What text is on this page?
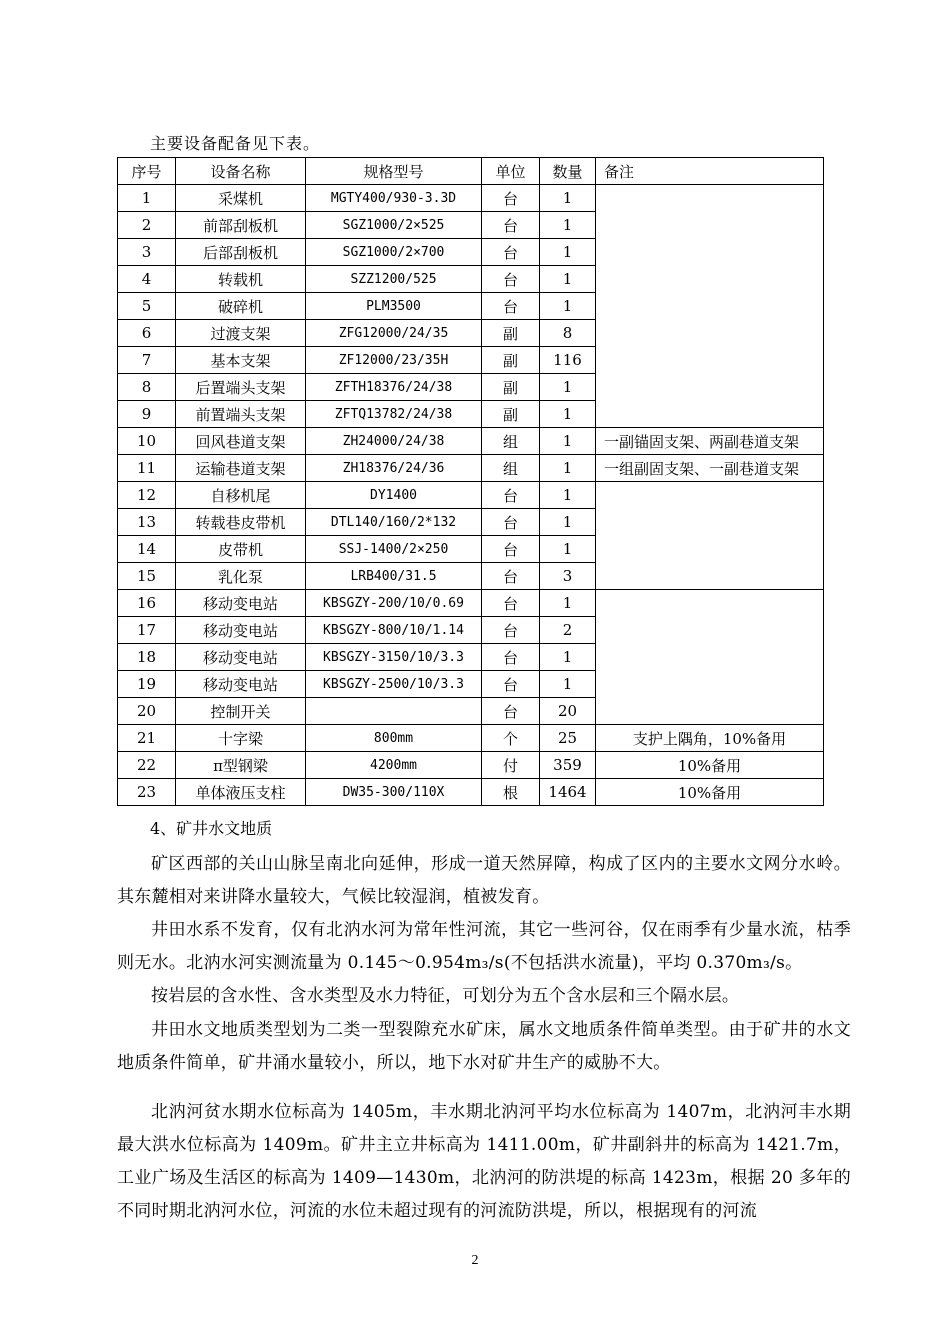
主要设备配备见下表。
序号	设备名称	规格型号	单位	数量	备注
1	采煤机	MGTY400/930-3.3D	台	1	
2	前部刮板机	SGZ1000/2×525	台	1	
3	后部刮板机	SGZ1000/2×700	台	1	
4	转载机	SZZ1200/525	台	1	
5	破碎机	PLM3500	台	1	
6	过渡支架	ZFG12000/24/35	副	8	
7	基本支架	ZF12000/23/35H	副	116	
8	后置端头支架	ZFTH18376/24/38	副	1	
9	前置端头支架	ZFTQ13782/24/38	副	1	
10	回风巷道支架	ZH24000/24/38	组	1	一副锚固支架、两副巷道支架
11	运输巷道支架	ZH18376/24/36	组	1	一组副固支架、一副巷道支架
12	自移机尾	DY1400	台	1	
13	转载巷皮带机	DTL140/160/2*132	台	1	
14	皮带机	SSJ-1400/2×250	台	1	
15	乳化泵	LRB400/31.5	台	3	
16	移动变电站	KBSGZY-200/10/0.69	台	1	
17	移动变电站	KBSGZY-800/10/1.14	台	2	
18	移动变电站	KBSGZY-3150/10/3.3	台	1	
19	移动变电站	KBSGZY-2500/10/3.3	台	1	
20	控制开关		台	20	
21	十字梁	800mm	个	25	支护上隅角，10%备用
22	π型钢梁	4200mm	付	359	10%备用
23	单体液压支柱	DW35-300/110X	根	1464	10%备用
4、矿井水文地质
矿区西部的关山山脉呈南北向延伸，形成一道天然屏障，构成了区内的主要水文网分水岭。其东麓相对来讲降水量较大，气候比较湿润，植被发育。
井田水系不发育，仅有北汭水河为常年性河流，其它一些河谷，仅在雨季有少量水流，枯季则无水。北汭水河实测流量为 0.145～0.954m₃/s(不包括洪水流量)，平均 0.370m₃/s。
按岩层的含水性、含水类型及水力特征，可划分为五个含水层和三个隔水层。
井田水文地质类型划为二类一型裂隙充水矿床，属水文地质条件简单类型。由于矿井的水文地质条件简单，矿井涌水量较小，所以，地下水对矿井生产的威胁不大。
北汭河贫水期水位标高为 1405m，丰水期北汭河平均水位标高为 1407m，北汭河丰水期最大洪水位标高为 1409m。矿井主立井标高为 1411.00m，矿井副斜井的标高为 1421.7m，工业广场及生活区的标高为 1409—1430m，北汭河的防洪堤的标高 1423m，根据 20 多年的不同时期北汭河水位，河流的水位未超过现有的河流防洪堤，所以，根据现有的河流
2
